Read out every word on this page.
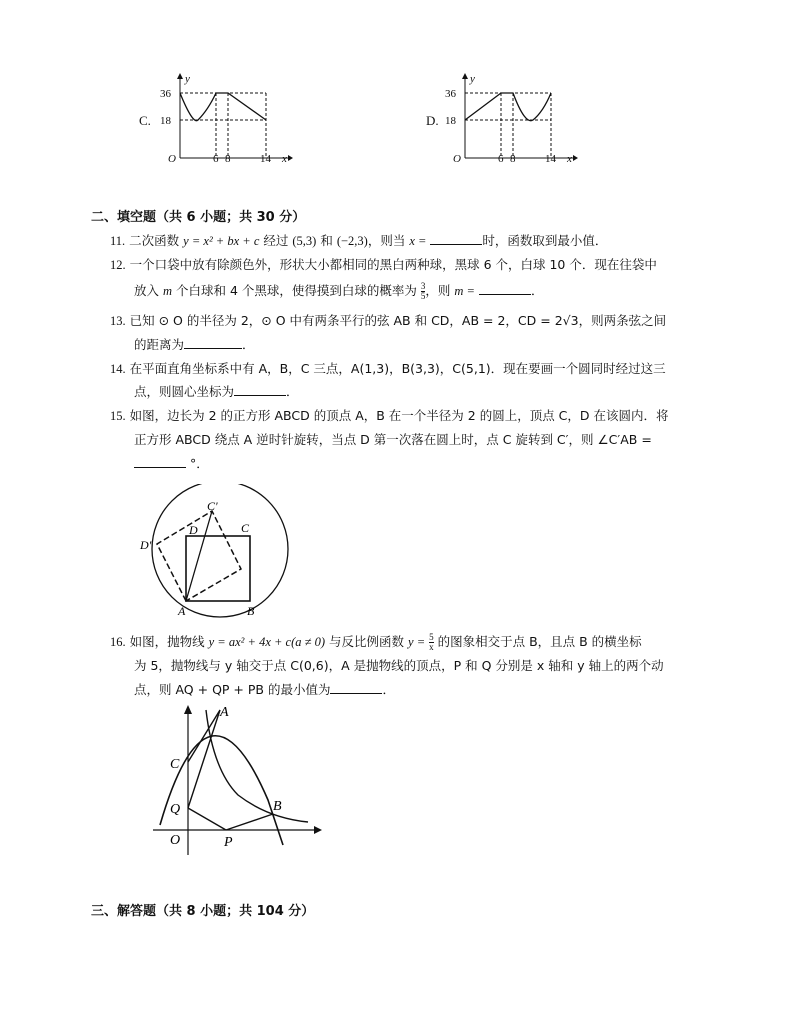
C.
y
36
18
O	6 8	14 x
D.
y
36
18
O	6 8	14 x
二、填空题（共 6 小题；共 30 分）
11. 二次函数 y = x² + bx + c 经过 (5,3) 和 (−2,3)，则当 x =	时，函数取到最小值．
12. 一个口袋中放有除颜色外，形状大小都相同的黑白两种球，黑球 6 个，白球 10 个．现在往袋中
放入 m 个白球和 4 个黑球，使得摸到白球的概率为 $\frac{3}{5}$ ，则 m =	．
13. 已知 ⊙ O 的半径为 2，⊙ O 中有两条平行的弦 AB 和 CD，AB = 2，CD = 2√3，则两条弦之间
的距离为	．
14. 在平面直角坐标系中有 A，B，C 三点，A(1,3)，B(3,3)，C(5,1)．现在要画一个圆同时经过这三
点，则圆心坐标为	．
15. 如图，边长为 2 的正方形 ABCD 的顶点 A，B 在一个半径为 2 的圆上，顶点 C，D 在该圆内．将
正方形 ABCD 绕点 A 逆时针旋转，当点 D 第一次落在圆上时，点 C 旋转到 C′，则 ∠C′AB =
°．
A	B
C
D
C'
D'
16. 如图，抛物线 y = ax² + 4x + c(a ≠ 0) 与反比例函数 $y = \frac{5}{x}$ 的图象相交于点 B，且点 B 的横坐标
为 5，抛物线与 y 轴交于点 C(0,6)，A 是抛物线的顶点，P 和 Q 分别是 x 轴和 y 轴上的两个动
点，则 AQ + QP + PB 的最小值为	．
A
B
C
Q
O	P
三、解答题（共 8 小题；共 104 分）
